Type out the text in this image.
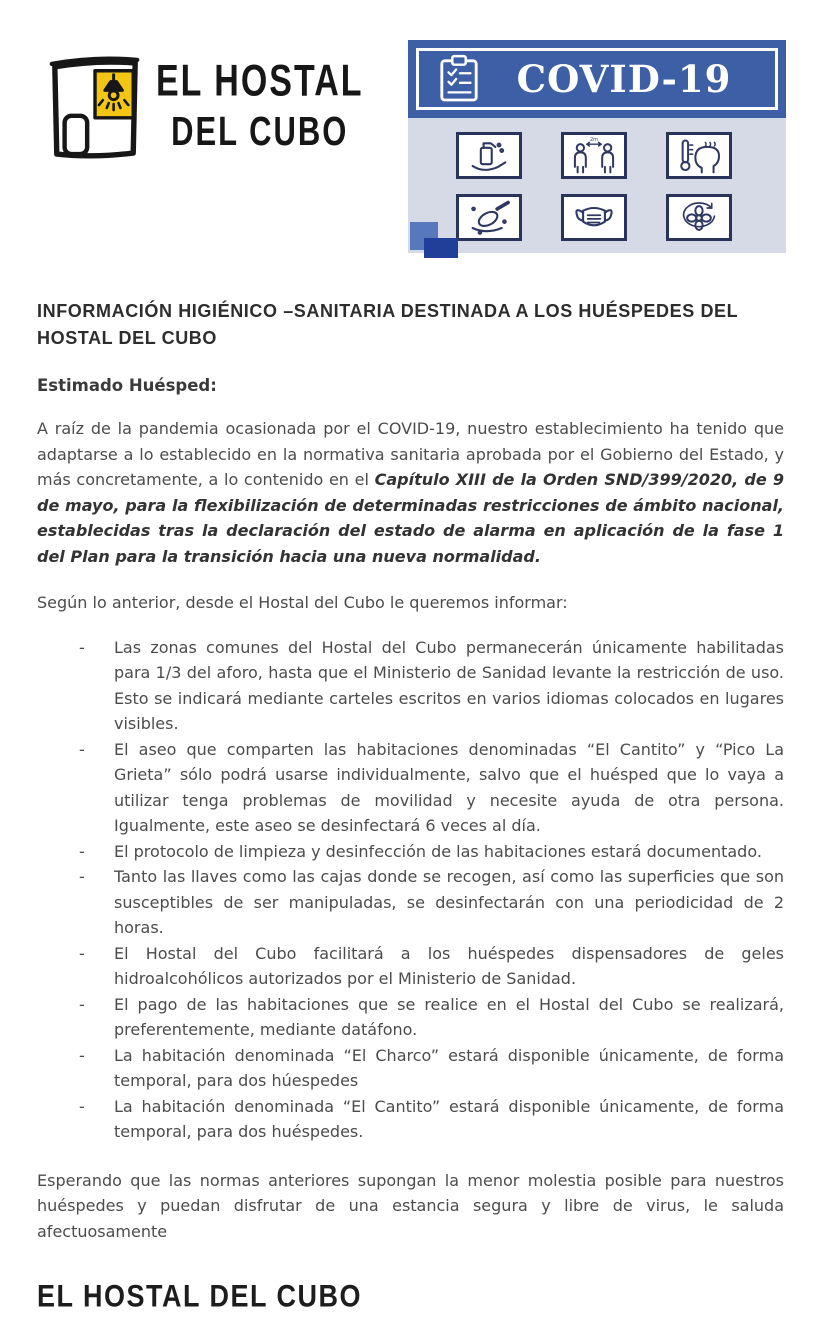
EL HOSTAL
DEL CUBO
COVID-19
2m

INFORMACIÓN HIGIÉNICO –SANITARIA DESTINADA A LOS HUÉSPEDES DEL HOSTAL DEL CUBO

Estimado Huésped:

A raíz de la pandemia ocasionada por el COVID-19, nuestro establecimiento ha tenido que adaptarse a lo establecido en la normativa sanitaria aprobada por el Gobierno del Estado, y más concretamente, a lo contenido en el Capítulo XIII de la Orden SND/399/2020, de 9 de mayo, para la flexibilización de determinadas restricciones de ámbito nacional, establecidas tras la declaración del estado de alarma en aplicación de la fase 1 del Plan para la transición hacia una nueva normalidad.

Según lo anterior, desde el Hostal del Cubo le queremos informar:

-	Las zonas comunes del Hostal del Cubo permanecerán únicamente habilitadas para 1/3 del aforo, hasta que el Ministerio de Sanidad levante la restricción de uso. Esto se indicará mediante carteles escritos en varios idiomas colocados en lugares visibles.
-	El aseo que comparten las habitaciones denominadas “El Cantito” y “Pico La Grieta” sólo podrá usarse individualmente, salvo que el huésped que lo vaya a utilizar tenga problemas de movilidad y necesite ayuda de otra persona. Igualmente, este aseo se desinfectará 6 veces al día.
-	El protocolo de limpieza y desinfección de las habitaciones estará documentado.
-	Tanto las llaves como las cajas donde se recogen, así como las superficies que son susceptibles de ser manipuladas, se desinfectarán con una periodicidad de 2 horas.
-	El Hostal del Cubo facilitará a los huéspedes dispensadores de geles hidroalcohólicos autorizados por el Ministerio de Sanidad.
-	El pago de las habitaciones que se realice en el Hostal del Cubo se realizará, preferentemente, mediante datáfono.
-	La habitación denominada “El Charco” estará disponible únicamente, de forma temporal, para dos húespedes
-	La habitación denominada “El Cantito” estará disponible únicamente, de forma temporal, para dos huéspedes.

Esperando que las normas anteriores supongan la menor molestia posible para nuestros huéspedes y puedan disfrutar de una estancia segura y libre de virus, le saluda afectuosamente

EL HOSTAL DEL CUBO
